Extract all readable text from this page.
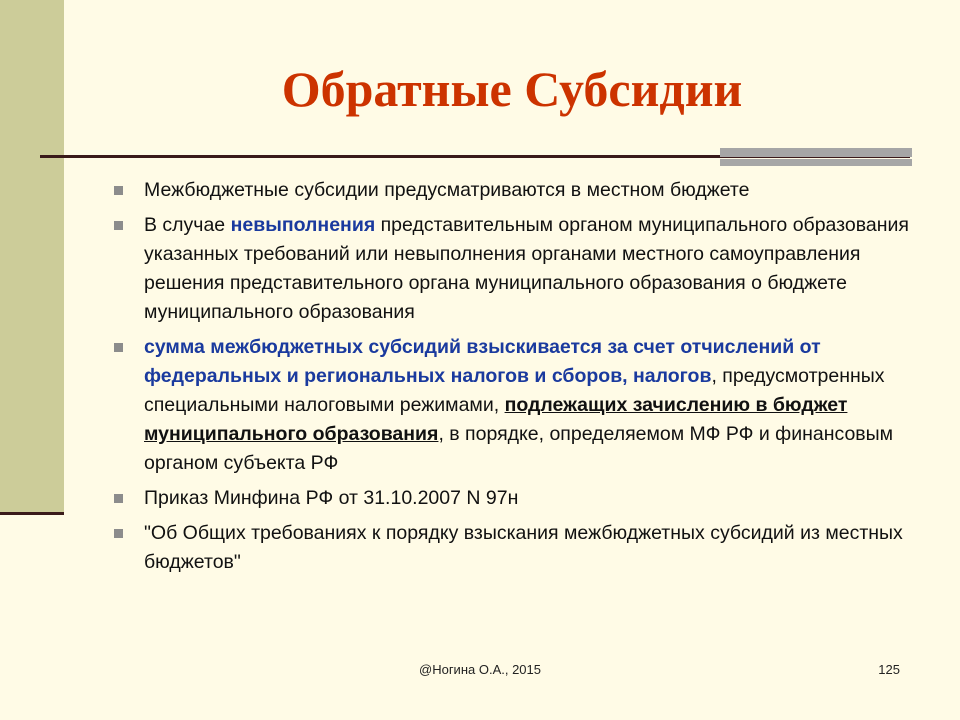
Обратные Субсидии
Межбюджетные субсидии предусматриваются в местном бюджете
В случае невыполнения представительным органом муниципального образования указанных требований или невыполнения органами местного самоуправления решения представительного органа муниципального образования о бюджете муниципального образования
сумма межбюджетных субсидий взыскивается за счет отчислений от федеральных и региональных налогов и сборов, налогов, предусмотренных специальными налоговыми режимами, подлежащих зачислению в бюджет муниципального образования, в порядке, определяемом МФ РФ и финансовым органом субъекта РФ
Приказ Минфина РФ от 31.10.2007 N 97н
"Об Общих требованиях к порядку взыскания межбюджетных субсидий из местных бюджетов"
@Ногина О.А., 2015	125
